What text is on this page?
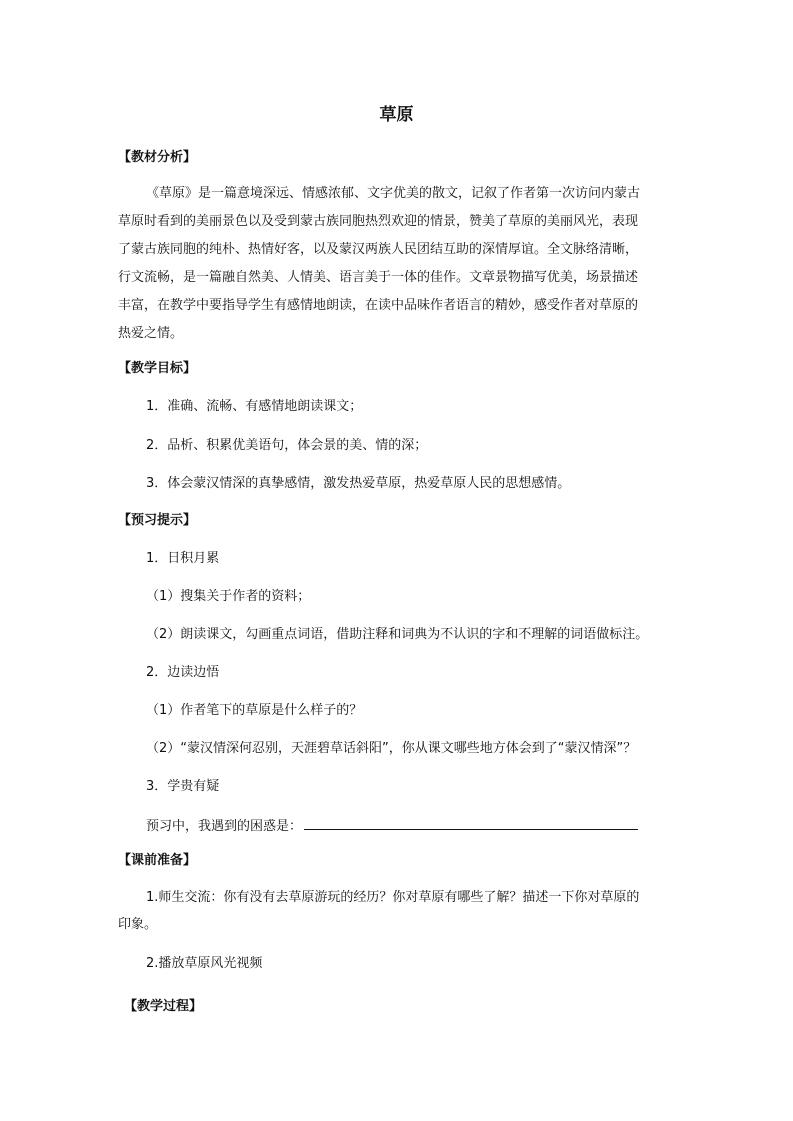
草原
【教材分析】
《草原》是一篇意境深远、情感浓郁、文字优美的散文，记叙了作者第一次访问内蒙古
草原时看到的美丽景色以及受到蒙古族同胞热烈欢迎的情景，赞美了草原的美丽风光，表现
了蒙古族同胞的纯朴、热情好客，以及蒙汉两族人民团结互助的深情厚谊。全文脉络清晰，
行文流畅，是一篇融自然美、人情美、语言美于一体的佳作。文章景物描写优美，场景描述
丰富，在教学中要指导学生有感情地朗读，在读中品味作者语言的精妙，感受作者对草原的
热爱之情。
【教学目标】
1．准确、流畅、有感情地朗读课文；
2．品析、积累优美语句，体会景的美、情的深；
3．体会蒙汉情深的真挚感情，激发热爱草原，热爱草原人民的思想感情。
【预习提示】
1．日积月累
（1）搜集关于作者的资料；
（2）朗读课文，勾画重点词语，借助注释和词典为不认识的字和不理解的词语做标注。
2．边读边悟
（1）作者笔下的草原是什么样子的？
（2）“蒙汉情深何忍别，天涯碧草话斜阳”，你从课文哪些地方体会到了“蒙汉情深”？
3．学贵有疑
预习中，我遇到的困惑是：
【课前准备】
1.师生交流：你有没有去草原游玩的经历？你对草原有哪些了解？描述一下你对草原的
印象。
2.播放草原风光视频
【教学过程】
